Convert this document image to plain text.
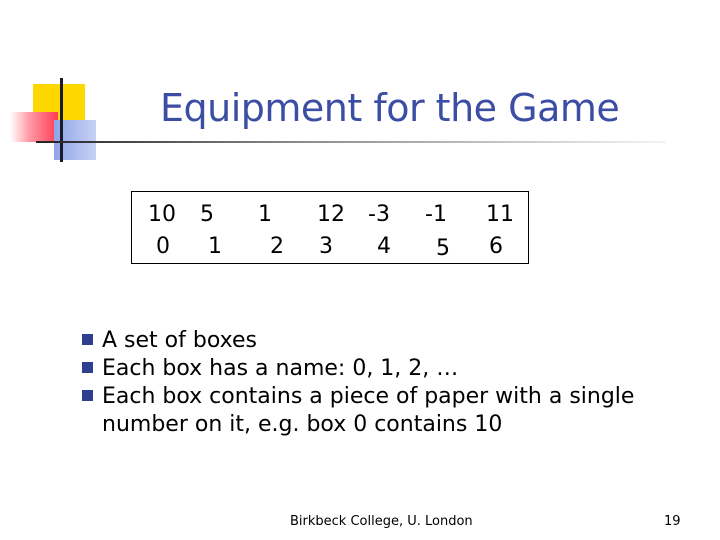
Equipment for the Game
10 5 1 12 -3 -1 11
0 1 2 3 4 5 6
A set of boxes
Each box has a name: 0, 1, 2, …
Each box contains a piece of paper with a single
number on it, e.g. box 0 contains 10
Birkbeck College, U. London	19
